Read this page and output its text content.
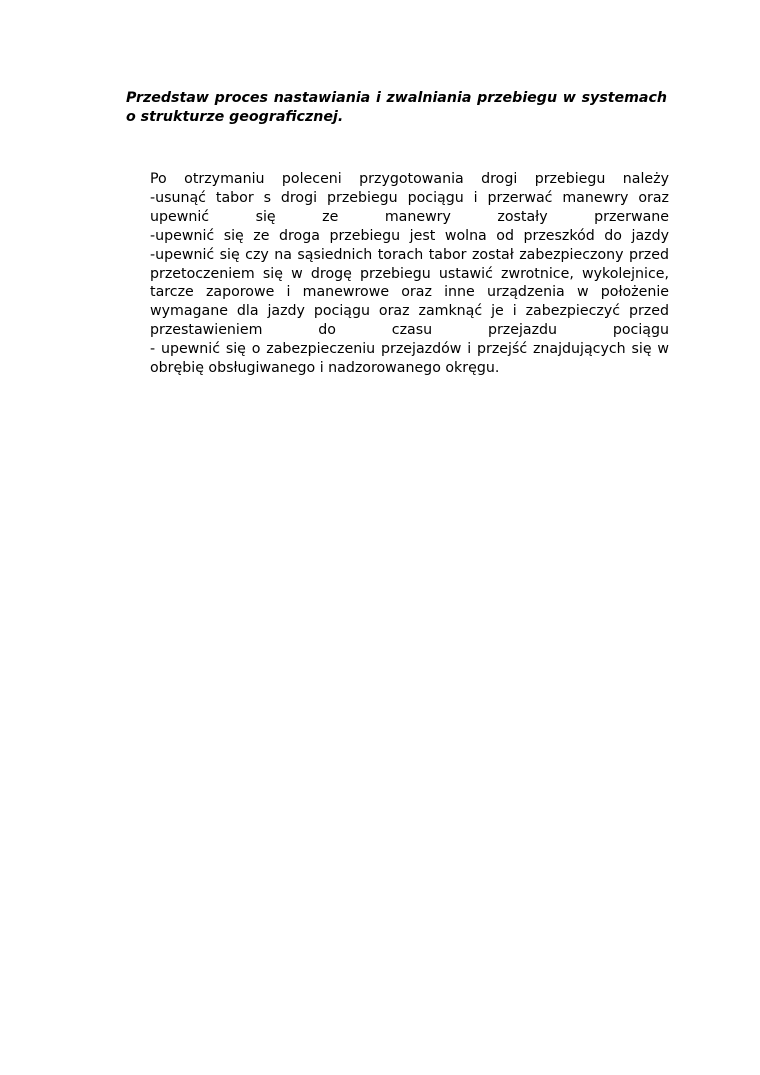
Przedstaw proces nastawiania i zwalniania przebiegu w systemach
o strukturze geograficznej.
Po otrzymaniu poleceni przygotowania drogi przebiegu należy
-usunąć tabor s drogi przebiegu pociągu i przerwać manewry oraz
upewnić się ze manewry zostały przerwane
-upewnić się ze droga przebiegu jest wolna od przeszkód do jazdy
-upewnić się czy na sąsiednich torach tabor został zabezpieczony przed
przetoczeniem się w drogę przebiegu ustawić zwrotnice, wykolejnice,
tarcze zaporowe i manewrowe oraz inne urządzenia w położenie
wymagane dla jazdy pociągu oraz zamknąć je i zabezpieczyć przed
przestawieniem do czasu przejazdu pociągu
- upewnić się o zabezpieczeniu przejazdów i przejść znajdujących się w
obrębię obsługiwanego i nadzorowanego okręgu.
